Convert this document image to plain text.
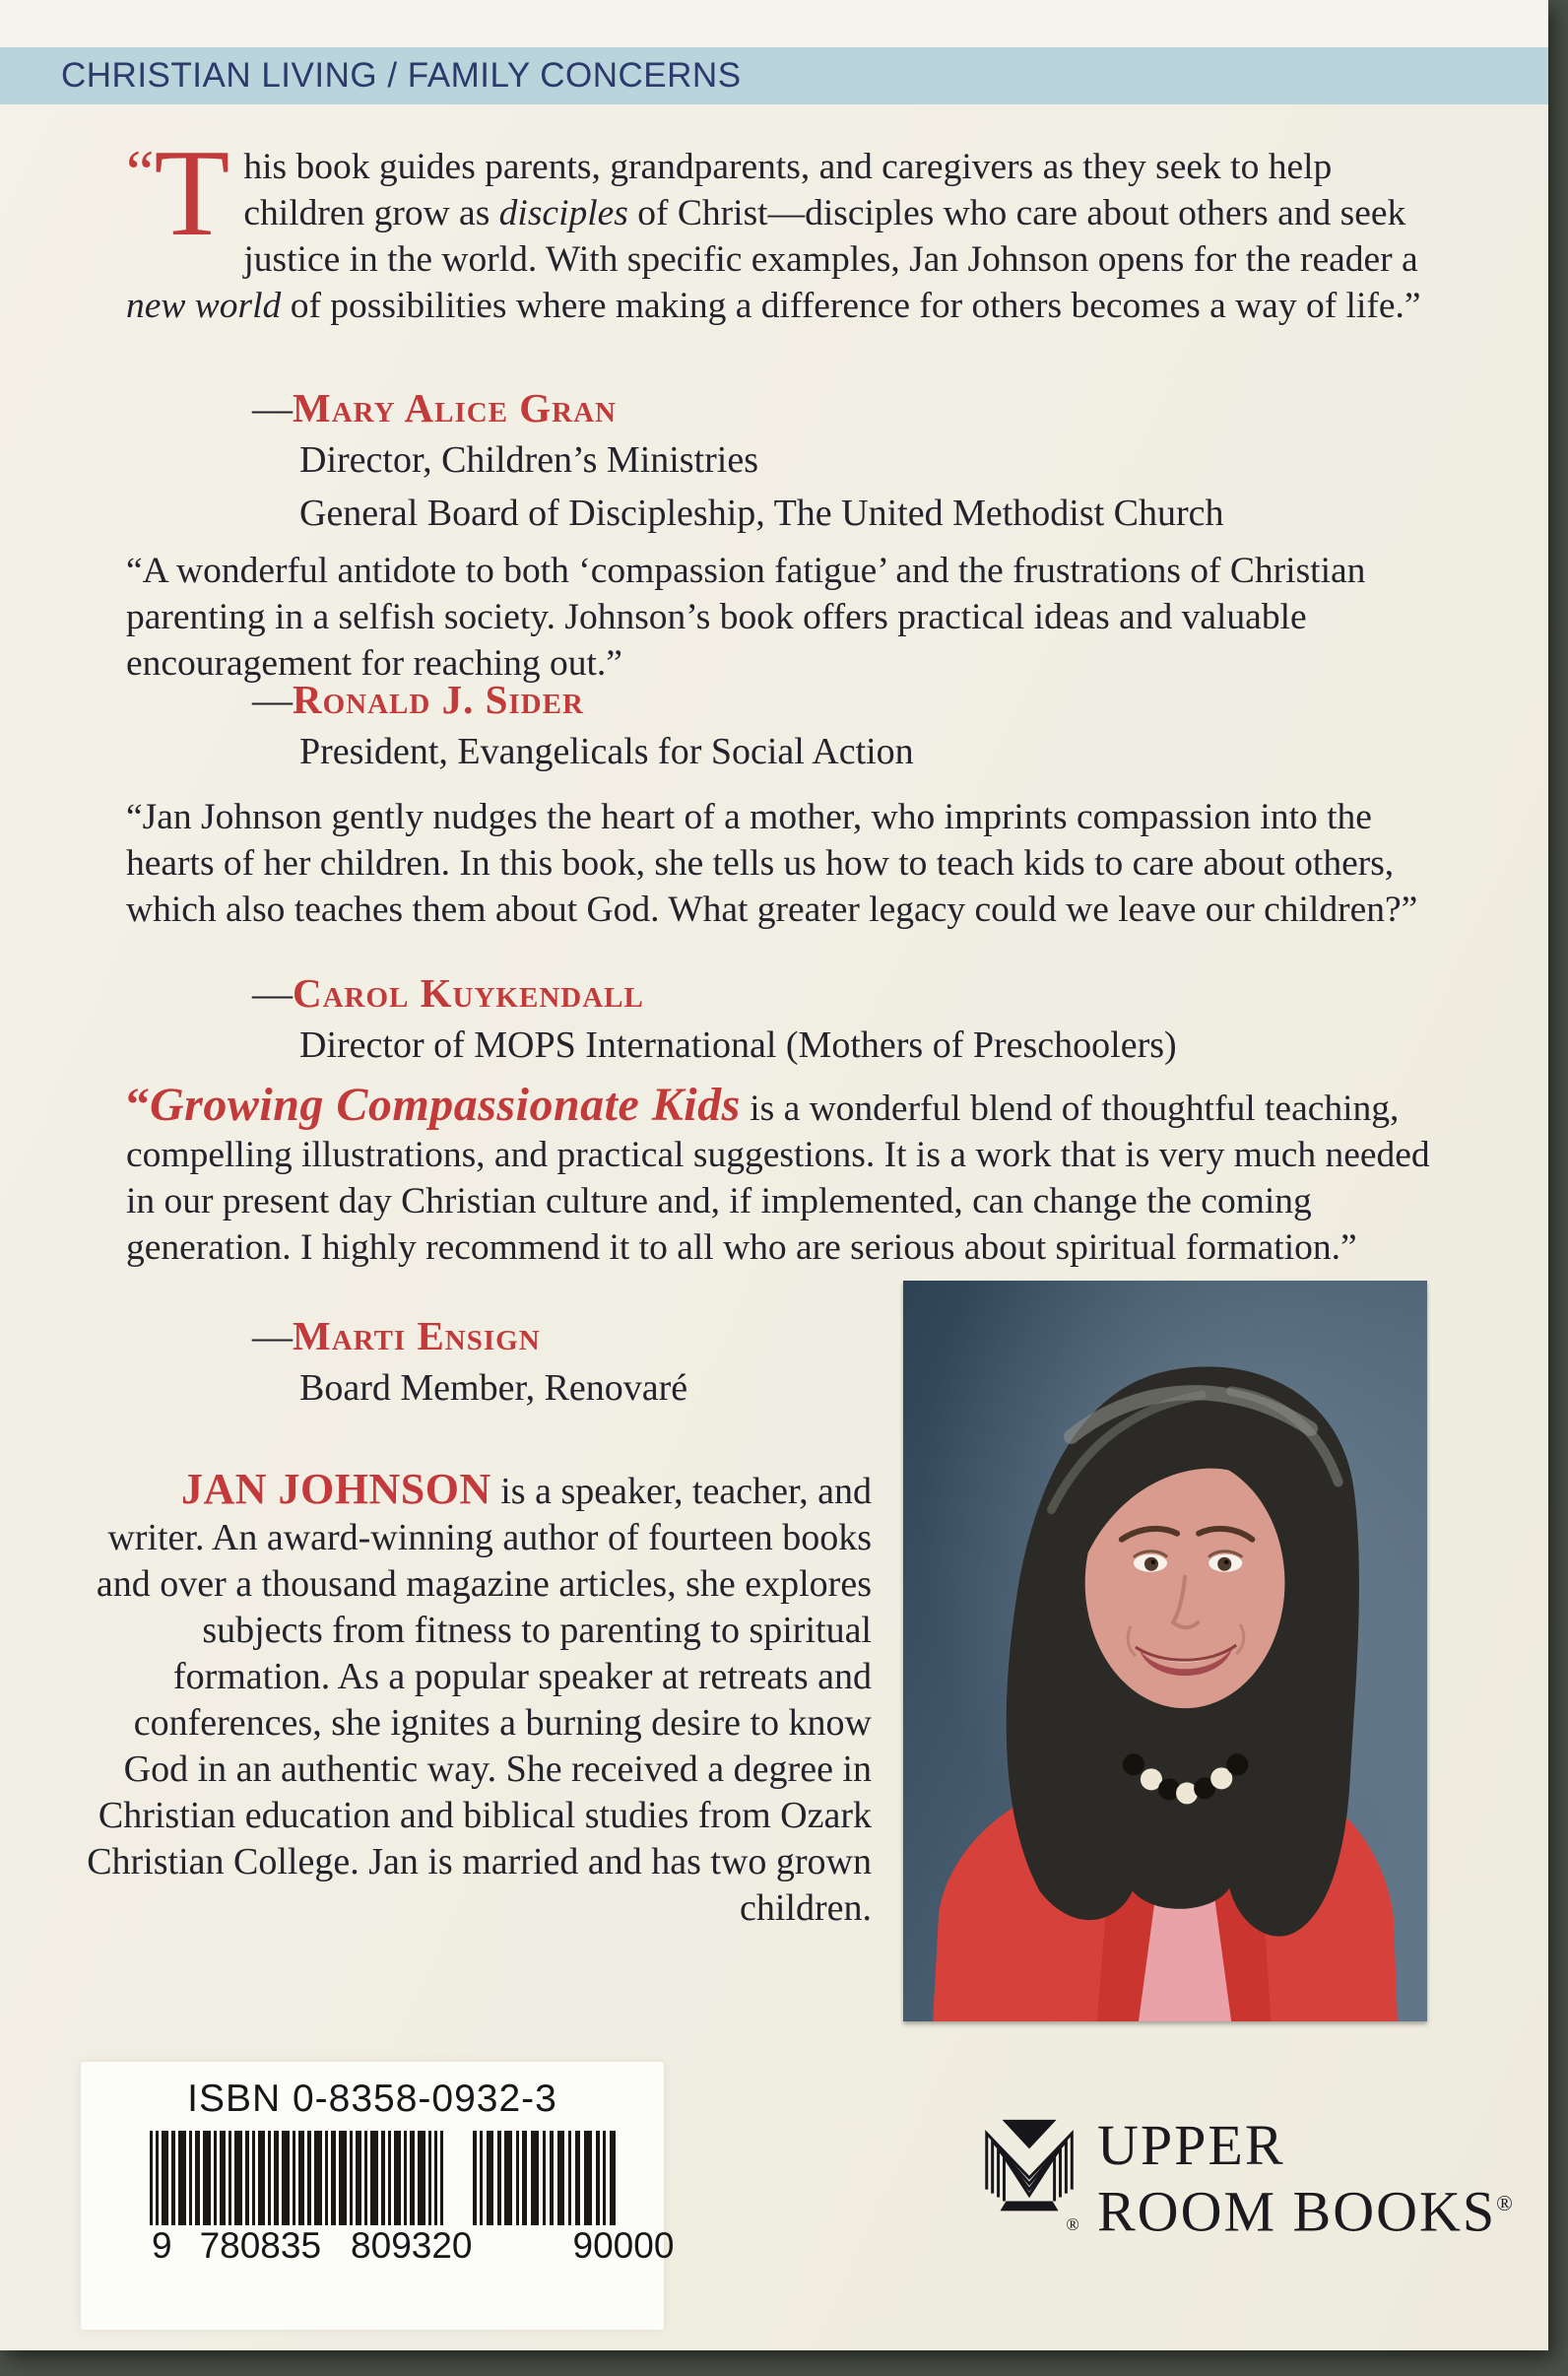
CHRISTIAN LIVING / FAMILY CONCERNS

“ T his book guides parents, grandparents, and caregivers as they seek to help children grow as disciples of Christ—disciples who care about others and seek justice in the world. With specific examples, Jan Johnson opens for the reader a new world of possibilities where making a difference for others becomes a way of life.”

—Mary Alice Gran
Director, Children’s Ministries
General Board of Discipleship, The United Methodist Church

“A wonderful antidote to both ‘compassion fatigue’ and the frustrations of Christian parenting in a selfish society. Johnson’s book offers practical ideas and valuable encouragement for reaching out.”

—Ronald J. Sider
President, Evangelicals for Social Action

“Jan Johnson gently nudges the heart of a mother, who imprints compassion into the hearts of her children. In this book, she tells us how to teach kids to care about others, which also teaches them about God. What greater legacy could we leave our children?”

—Carol Kuykendall
Director of MOPS International (Mothers of Preschoolers)

“Growing Compassionate Kids is a wonderful blend of thoughtful teaching, compelling illustrations, and practical suggestions. It is a work that is very much needed in our present day Christian culture and, if implemented, can change the coming generation. I highly recommend it to all who are serious about spiritual formation.”

—Marti Ensign
Board Member, Renovaré

JAN JOHNSON is a speaker, teacher, and writer. An award-winning author of fourteen books and over a thousand magazine articles, she explores subjects from fitness to parenting to spiritual formation. As a popular speaker at retreats and conferences, she ignites a burning desire to know God in an authentic way. She received a degree in Christian education and biblical studies from Ozark Christian College. Jan is married and has two grown children.

ISBN 0-8358-0932-3
9 780835 809320	90000
®
UPPER
ROOM BOOKS®
